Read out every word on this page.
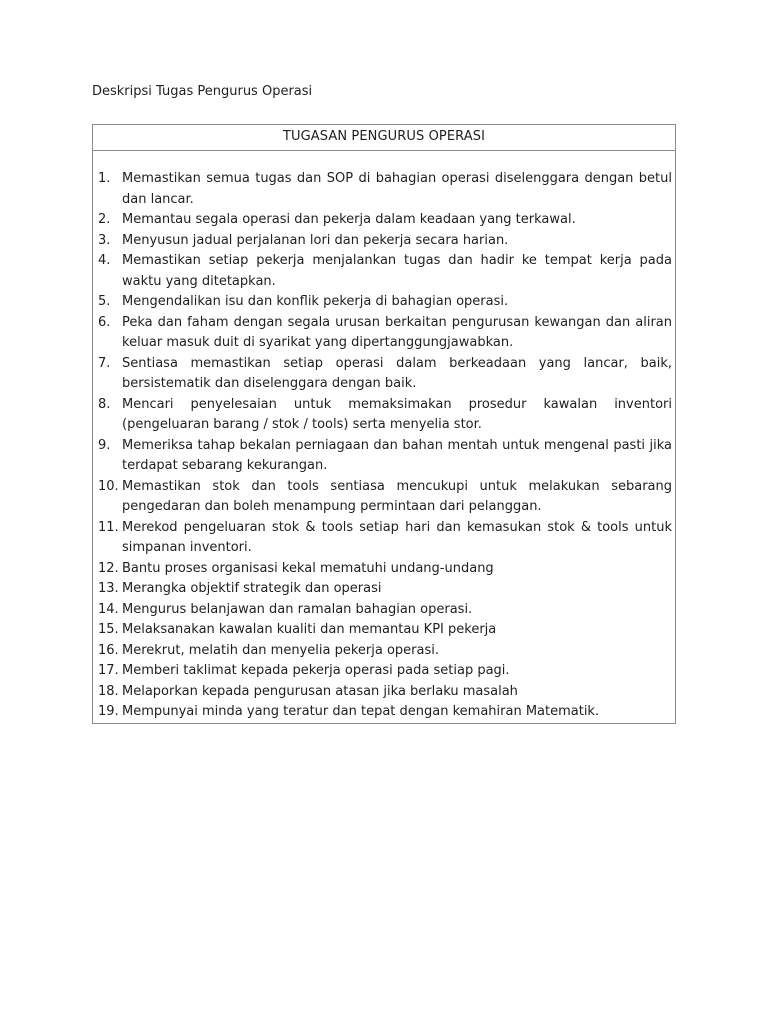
Deskripsi Tugas Pengurus Operasi
TUGASAN PENGURUS OPERASI
1. Memastikan semua tugas dan SOP di bahagian operasi diselenggara dengan betul dan lancar.
2. Memantau segala operasi dan pekerja dalam keadaan yang terkawal.
3. Menyusun jadual perjalanan lori dan pekerja secara harian.
4. Memastikan setiap pekerja menjalankan tugas dan hadir ke tempat kerja pada waktu yang ditetapkan.
5. Mengendalikan isu dan konflik pekerja di bahagian operasi.
6. Peka dan faham dengan segala urusan berkaitan pengurusan kewangan dan aliran keluar masuk duit di syarikat yang dipertanggungjawabkan.
7. Sentiasa memastikan setiap operasi dalam berkeadaan yang lancar, baik, bersistematik dan diselenggara dengan baik.
8. Mencari penyelesaian untuk memaksimakan prosedur kawalan inventori (pengeluaran barang / stok / tools) serta menyelia stor.
9. Memeriksa tahap bekalan perniagaan dan bahan mentah untuk mengenal pasti jika terdapat sebarang kekurangan.
10. Memastikan stok dan tools sentiasa mencukupi untuk melakukan sebarang pengedaran dan boleh menampung permintaan dari pelanggan.
11. Merekod pengeluaran stok & tools setiap hari dan kemasukan stok & tools untuk simpanan inventori.
12. Bantu proses organisasi kekal mematuhi undang-undang
13. Merangka objektif strategik dan operasi
14. Mengurus belanjawan dan ramalan bahagian operasi.
15. Melaksanakan kawalan kualiti dan memantau KPI pekerja
16. Merekrut, melatih dan menyelia pekerja operasi.
17. Memberi taklimat kepada pekerja operasi pada setiap pagi.
18. Melaporkan kepada pengurusan atasan jika berlaku masalah
19. Mempunyai minda yang teratur dan tepat dengan kemahiran Matematik.
